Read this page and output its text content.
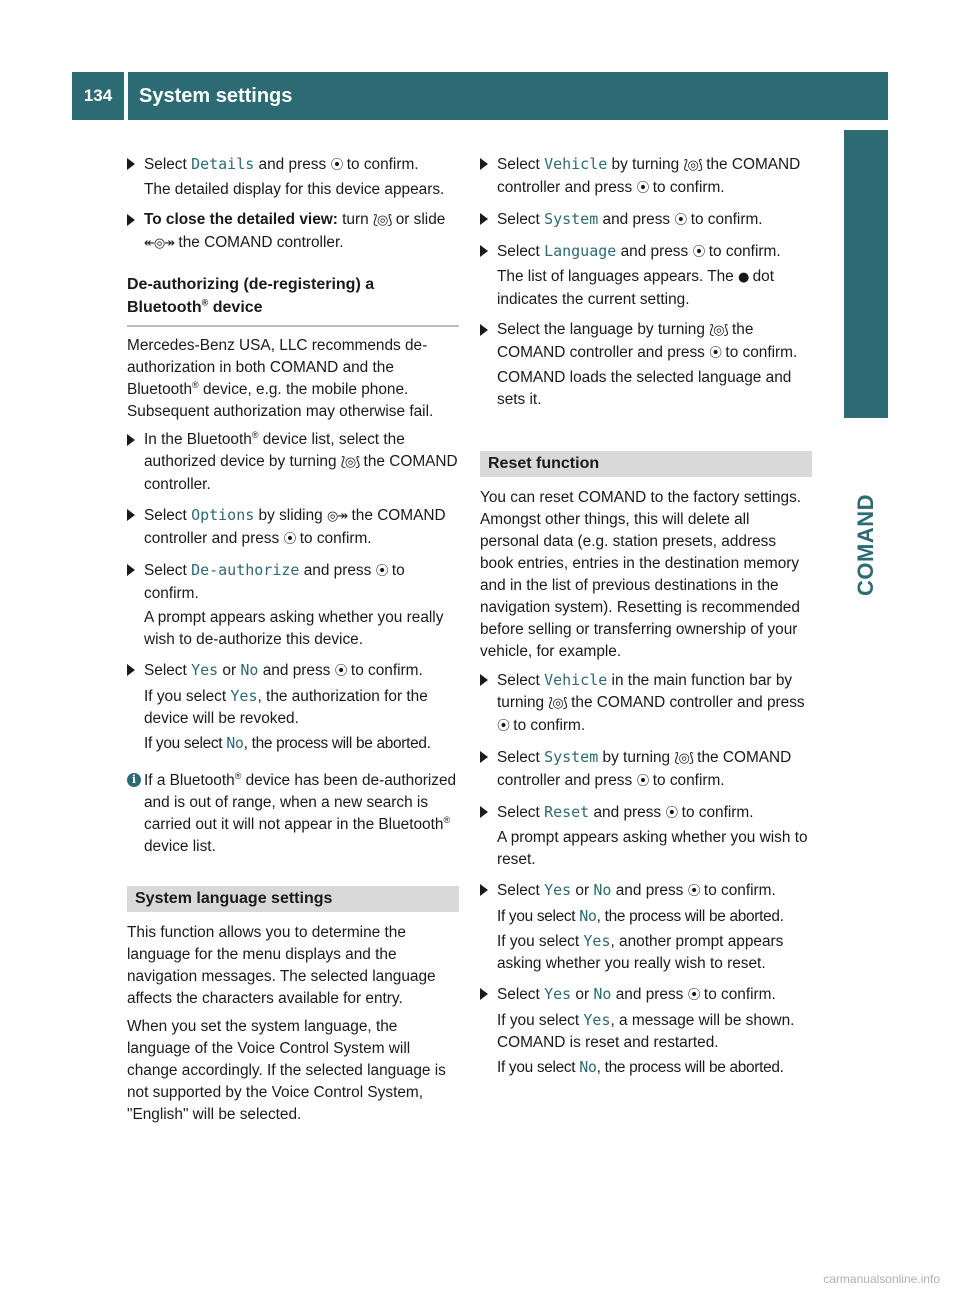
134	System settings
COMAND

Select Details and press ⦿ to confirm.

The detailed display for this device appears.

To close the detailed view: turn ⟅◎⟆ or slide ↞◎↠ the COMAND controller.

De-authorizing (de-registering) a Bluetooth® device

Mercedes-Benz USA, LLC recommends de-authorization in both COMAND and the Bluetooth® device, e.g. the mobile phone. Subsequent authorization may otherwise fail.

In the Bluetooth® device list, select the authorized device by turning ⟅◎⟆ the COMAND controller.

Select Options by sliding ◎↠ the COMAND controller and press ⦿ to confirm.

Select De-authorize and press ⦿ to confirm.

A prompt appears asking whether you really wish to de-authorize this device.

Select Yes or No and press ⦿ to confirm.

If you select Yes, the authorization for the device will be revoked.

If you select No, the process will be aborted.

i If a Bluetooth® device has been de-authorized and is out of range, when a new search is carried out it will not appear in the Bluetooth® device list.

System language settings

This function allows you to determine the language for the menu displays and the navigation messages. The selected language affects the characters available for entry.

When you set the system language, the language of the Voice Control System will change accordingly. If the selected language is not supported by the Voice Control System, "English" will be selected.

Select Vehicle by turning ⟅◎⟆ the COMAND controller and press ⦿ to confirm.

Select System and press ⦿ to confirm.

Select Language and press ⦿ to confirm.

The list of languages appears. The ● dot indicates the current setting.

Select the language by turning ⟅◎⟆ the COMAND controller and press ⦿ to confirm.

COMAND loads the selected language and sets it.

Reset function

You can reset COMAND to the factory settings. Amongst other things, this will delete all personal data (e.g. station presets, address book entries, entries in the destination memory and in the list of previous destinations in the navigation system). Resetting is recommended before selling or transferring ownership of your vehicle, for example.

Select Vehicle in the main function bar by turning ⟅◎⟆ the COMAND controller and press ⦿ to confirm.

Select System by turning ⟅◎⟆ the COMAND controller and press ⦿ to confirm.

Select Reset and press ⦿ to confirm.

A prompt appears asking whether you wish to reset.

Select Yes or No and press ⦿ to confirm.

If you select No, the process will be aborted.

If you select Yes, another prompt appears asking whether you really wish to reset.

Select Yes or No and press ⦿ to confirm.

If you select Yes, a message will be shown. COMAND is reset and restarted.

If you select No, the process will be aborted.

carmanualsonline.info
